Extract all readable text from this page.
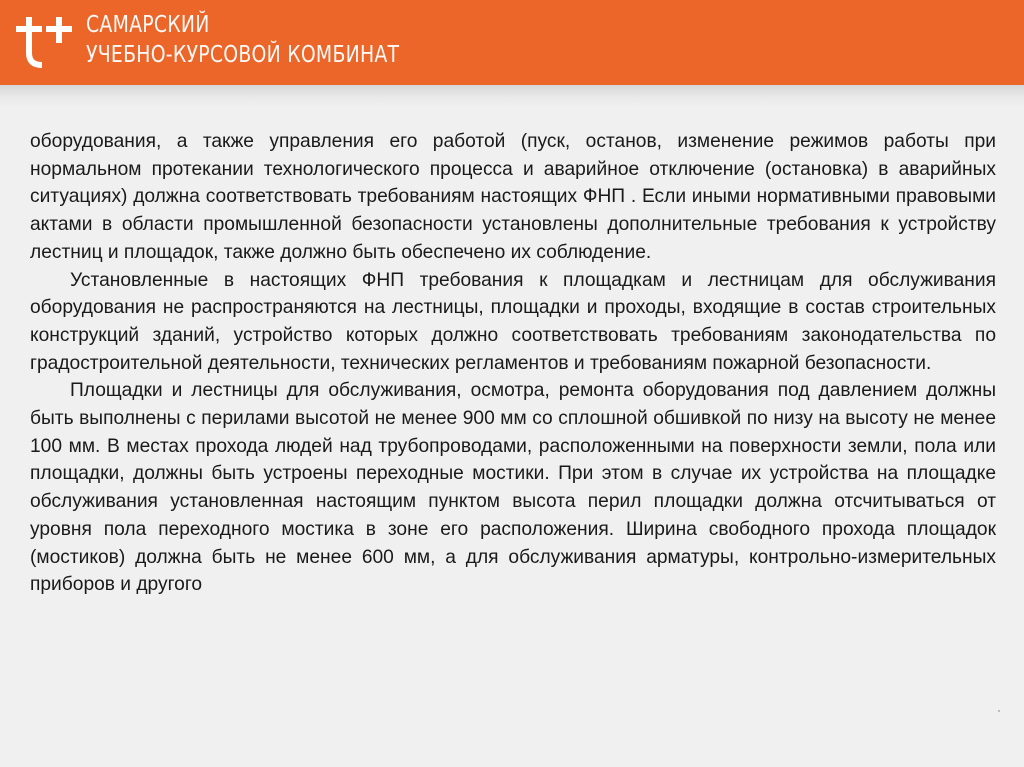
САМАРСКИЙ
УЧЕБНО-КУРСОВОЙ КОМБИНАТ

оборудования, а также управления его работой (пуск, останов, изменение режимов работы при нормальном протекании технологического процесса и аварийное отключение (остановка) в аварийных ситуациях) должна соответствовать требованиям настоящих ФНП . Если иными нормативными правовыми актами в области промышленной безопасности установлены дополнительные требования к устройству лестниц и площадок, также должно быть обеспечено их соблюдение.

Установленные в настоящих ФНП требования к площадкам и лестницам для обслуживания оборудования не распространяются на лестницы, площадки и проходы, входящие в состав строительных конструкций зданий, устройство которых должно соответствовать требованиям законодательства по градостроительной деятельности, технических регламентов и требованиям пожарной безопасности.

Площадки и лестницы для обслуживания, осмотра, ремонта оборудования под давлением должны быть выполнены с перилами высотой не менее 900 мм со сплошной обшивкой по низу на высоту не менее 100 мм. В местах прохода людей над трубопроводами, расположенными на поверхности земли, пола или площадки, должны быть устроены переходные мостики. При этом в случае их устройства на площадке обслуживания установленная настоящим пунктом высота перил площадки должна отсчитываться от уровня пола переходного мостика в зоне его расположения. Ширина свободного прохода площадок (мостиков) должна быть не менее 600 мм, а для обслуживания арматуры, контрольно-измерительных приборов и другого
